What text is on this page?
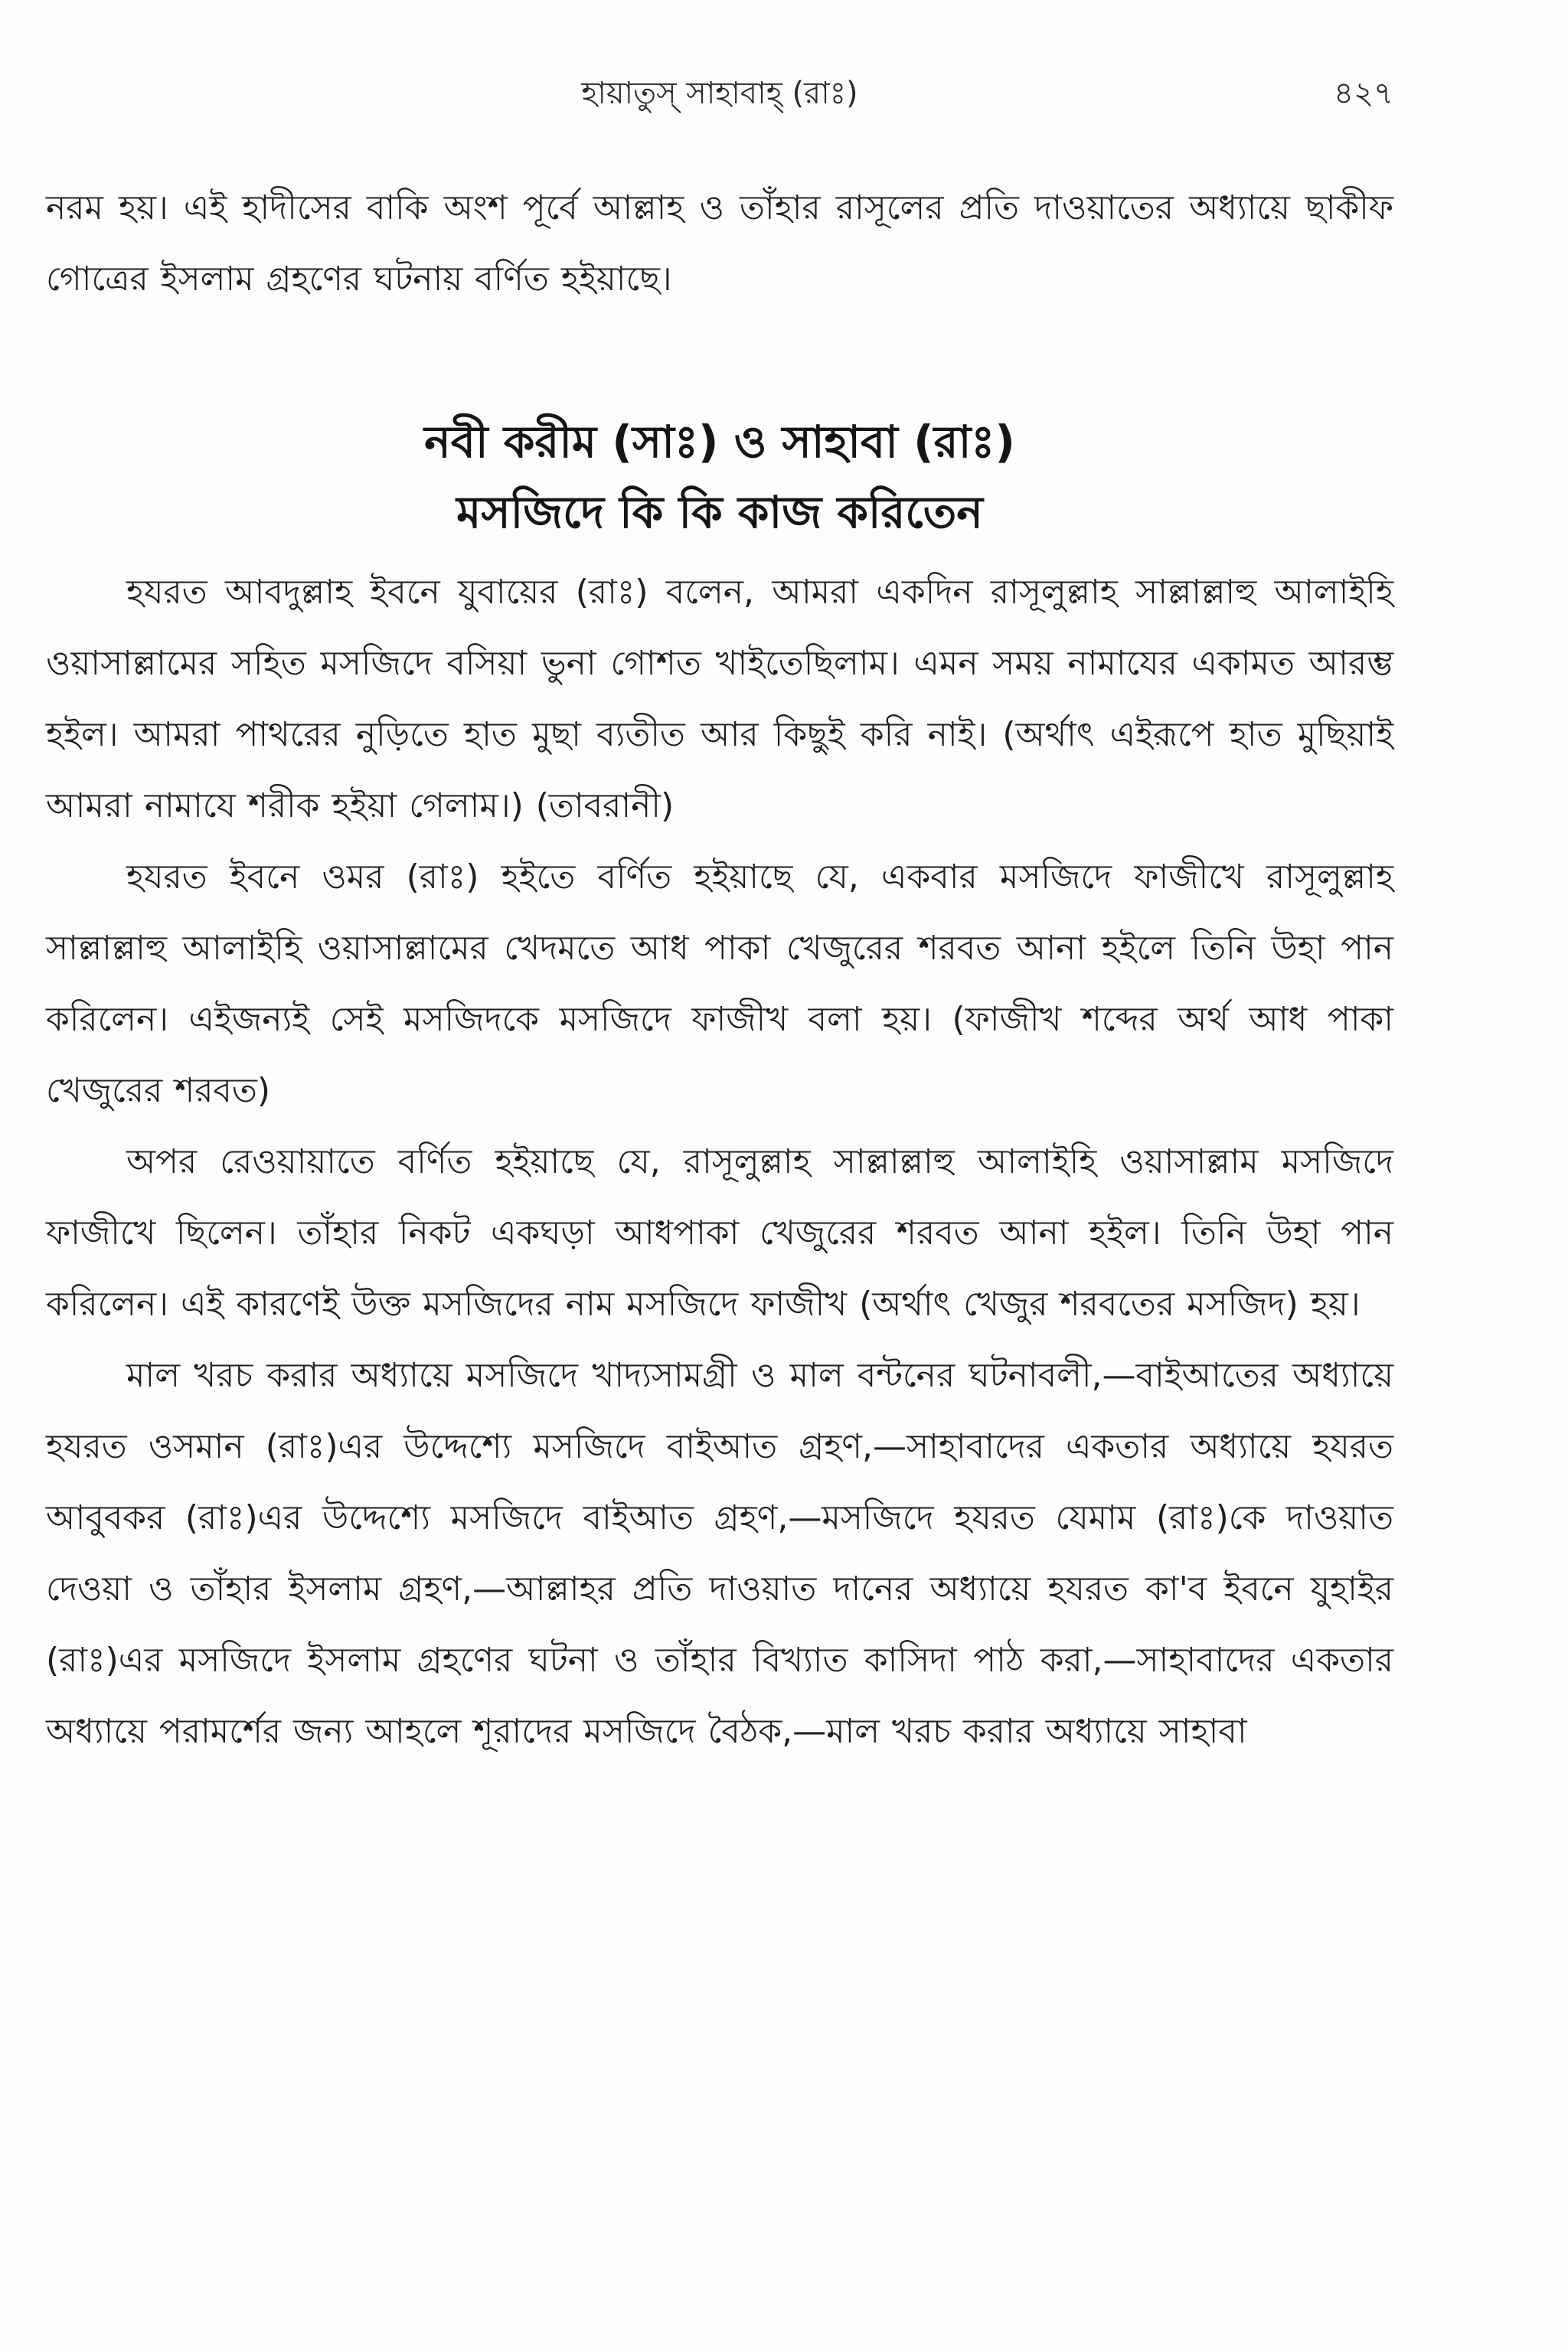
হায়াতুস্ সাহাবাহ্ (রাঃ)	৪২৭

নরম হয়। এই হাদীসের বাকি অংশ পূর্বে আল্লাহ ও তাঁহার রাসূলের প্রতি দাওয়াতের অধ্যায়ে ছাকীফ গোত্রের ইসলাম গ্রহণের ঘটনায় বর্ণিত হইয়াছে।

নবী করীম (সাঃ) ও সাহাবা (রাঃ)
মসজিদে কি কি কাজ করিতেন

হযরত আবদুল্লাহ ইবনে যুবায়ের (রাঃ) বলেন, আমরা একদিন রাসূলুল্লাহ সাল্লাল্লাহু আলাইহি ওয়াসাল্লামের সহিত মসজিদে বসিয়া ভুনা গোশত খাইতেছিলাম। এমন সময় নামাযের একামত আরম্ভ হইল। আমরা পাথরের নুড়িতে হাত মুছা ব্যতীত আর কিছুই করি নাই। (অর্থাৎ এইরূপে হাত মুছিয়াই আমরা নামাযে শরীক হইয়া গেলাম।) (তাবরানী)

হযরত ইবনে ওমর (রাঃ) হইতে বর্ণিত হইয়াছে যে, একবার মসজিদে ফাজীখে রাসূলুল্লাহ সাল্লাল্লাহু আলাইহি ওয়াসাল্লামের খেদমতে আধ পাকা খেজুরের শরবত আনা হইলে তিনি উহা পান করিলেন। এইজন্যই সেই মসজিদকে মসজিদে ফাজীখ বলা হয়। (ফাজীখ শব্দের অর্থ আধ পাকা খেজুরের শরবত)

অপর রেওয়ায়াতে বর্ণিত হইয়াছে যে, রাসূলুল্লাহ সাল্লাল্লাহু আলাইহি ওয়াসাল্লাম মসজিদে ফাজীখে ছিলেন। তাঁহার নিকট একঘড়া আধপাকা খেজুরের শরবত আনা হইল। তিনি উহা পান করিলেন। এই কারণেই উক্ত মসজিদের নাম মসজিদে ফাজীখ (অর্থাৎ খেজুর শরবতের মসজিদ) হয়।

মাল খরচ করার অধ্যায়ে মসজিদে খাদ্যসামগ্রী ও মাল বন্টনের ঘটনাবলী,—বাইআতের অধ্যায়ে হযরত ওসমান (রাঃ)এর উদ্দেশ্যে মসজিদে বাইআত গ্রহণ,—সাহাবাদের একতার অধ্যায়ে হযরত আবুবকর (রাঃ)এর উদ্দেশ্যে মসজিদে বাইআত গ্রহণ,—মসজিদে হযরত যেমাম (রাঃ)কে দাওয়াত দেওয়া ও তাঁহার ইসলাম গ্রহণ,—আল্লাহর প্রতি দাওয়াত দানের অধ্যায়ে হযরত কা'ব ইবনে যুহাইর (রাঃ)এর মসজিদে ইসলাম গ্রহণের ঘটনা ও তাঁহার বিখ্যাত কাসিদা পাঠ করা,—সাহাবাদের একতার অধ্যায়ে পরামর্শের জন্য আহলে শূরাদের মসজিদে বৈঠক,—মাল খরচ করার অধ্যায়ে সাহাবা
